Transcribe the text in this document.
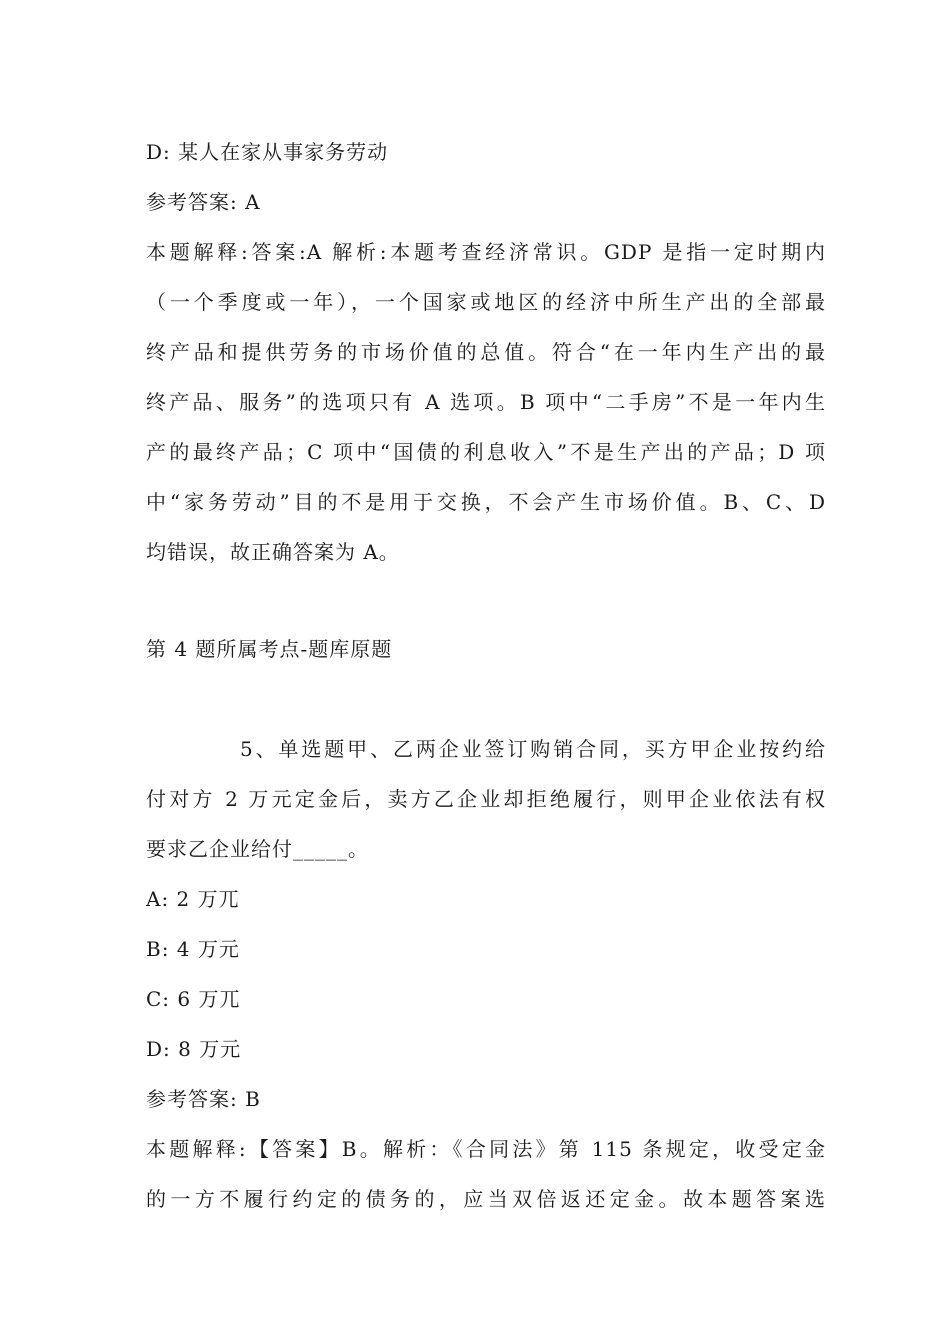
D: 某人在家从事家务劳动
参考答案: A
本题解释:答案:A 解析:本题考查经济常识。GDP 是指一定时期内
（一个季度或一年），一个国家或地区的经济中所生产出的全部最
终产品和提供劳务的市场价值的总值。符合“在一年内生产出的最
终产品、服务”的选项只有 A 选项。B 项中“二手房”不是一年内生
产的最终产品；C 项中“国债的利息收入”不是生产出的产品；D 项
中“家务劳动”目的不是用于交换，不会产生市场价值。B、C、D
均错误，故正确答案为 A。
第 4 题所属考点-题库原题
5、单选题甲、乙两企业签订购销合同，买方甲企业按约给
付对方 2 万元定金后，卖方乙企业却拒绝履行，则甲企业依法有权
要求乙企业给付_____。
A: 2 万兀
B: 4 万元
C: 6 万兀
D: 8 万元
参考答案: B
本题解释:【答案】B。解析：《合同法》第 115 条规定，收受定金
的一方不履行约定的债务的，应当双倍返还定金。故本题答案选
